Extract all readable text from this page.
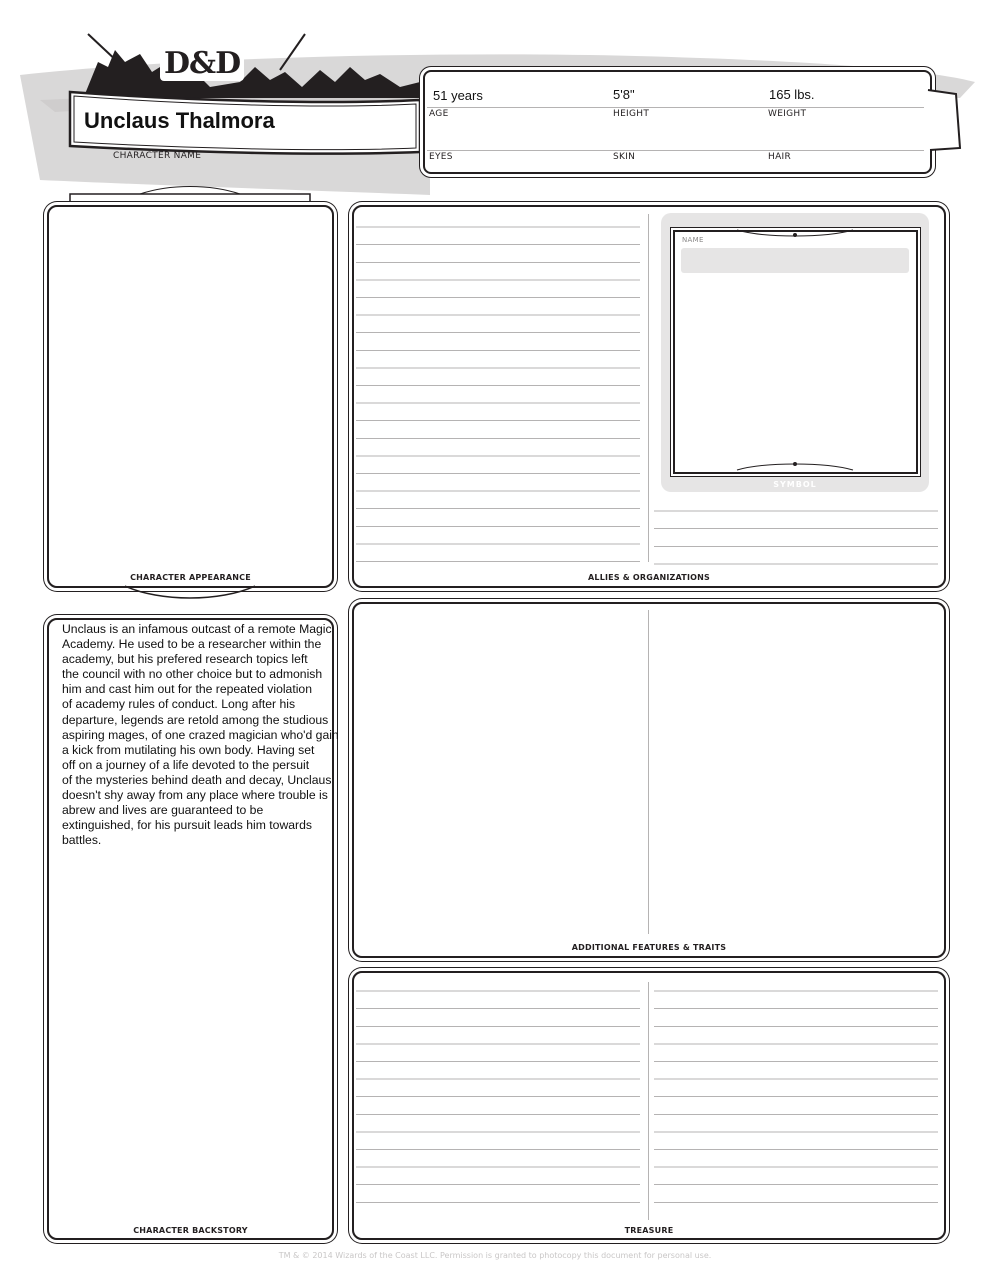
D&D
Unclaus Thalmora
CHARACTER NAME
51 years	5'8"	165 lbs.
AGE	HEIGHT	WEIGHT
EYES	SKIN	HAIR
CHARACTER APPEARANCE
NAME
SYMBOL
ALLIES & ORGANIZATIONS
Unclaus is an infamous outcast of a remote Magic
Academy. He used to be a researcher within the
academy, but his prefered research topics left
the council with no other choice but to admonish
him and cast him out for the repeated violation
of academy rules of conduct. Long after his
departure, legends are retold among the studious
aspiring mages, of one crazed magician who'd gain
a kick from mutilating his own body. Having set
off on a journey of a life devoted to the persuit
of the mysteries behind death and decay, Unclaus
doesn't shy away from any place where trouble is
abrew and lives are guaranteed to be
extinguished, for his pursuit leads him towards
battles.
CHARACTER BACKSTORY
ADDITIONAL FEATURES & TRAITS
TREASURE
TM & © 2014 Wizards of the Coast LLC. Permission is granted to photocopy this document for personal use.
